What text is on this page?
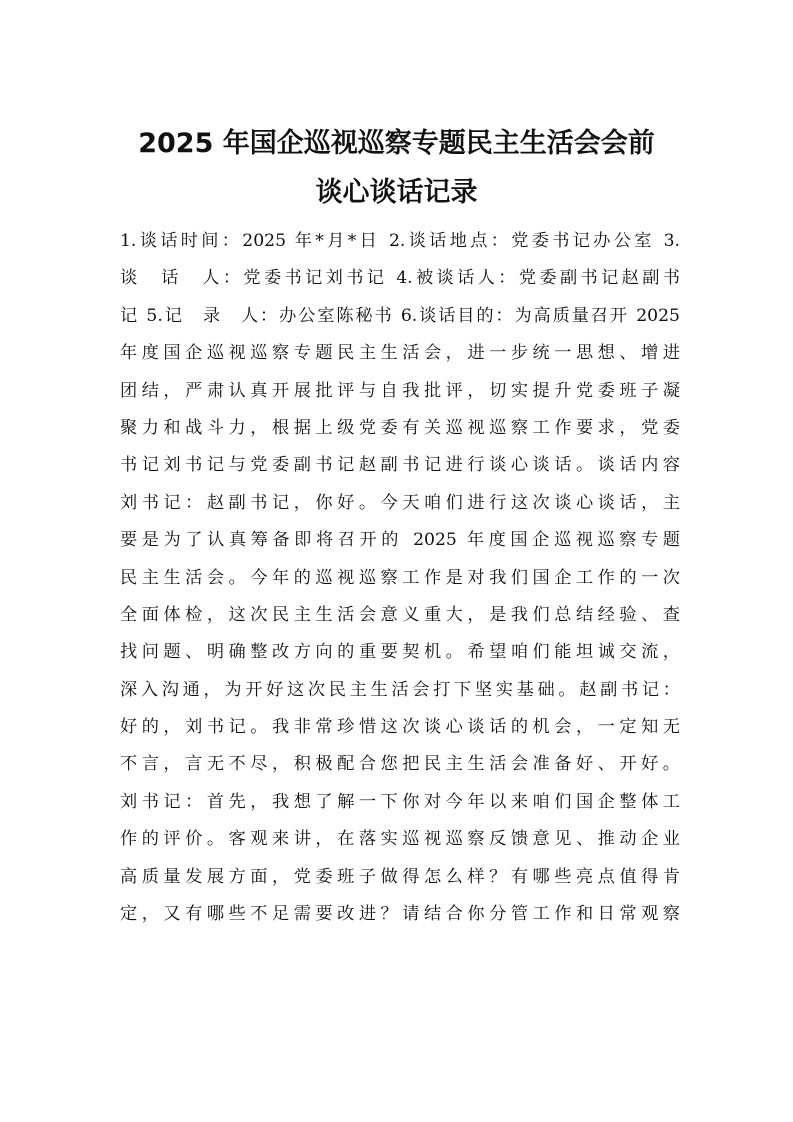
2025 年国企巡视巡察专题民主生活会会前
谈心谈话记录
1.谈话时间：2025 年*月*日 2.谈话地点：党委书记办公室 3.
谈　话　人：党委书记刘书记 4.被谈话人：党委副书记赵副书
记 5.记　录　人：办公室陈秘书 6.谈话目的：为高质量召开 2025
年度国企巡视巡察专题民主生活会，进一步统一思想、增进
团结，严肃认真开展批评与自我批评，切实提升党委班子凝
聚力和战斗力，根据上级党委有关巡视巡察工作要求，党委
书记刘书记与党委副书记赵副书记进行谈心谈话。谈话内容
刘书记：赵副书记，你好。今天咱们进行这次谈心谈话，主
要是为了认真筹备即将召开的 2025 年度国企巡视巡察专题
民主生活会。今年的巡视巡察工作是对我们国企工作的一次
全面体检，这次民主生活会意义重大，是我们总结经验、查
找问题、明确整改方向的重要契机。希望咱们能坦诚交流，
深入沟通，为开好这次民主生活会打下坚实基础。赵副书记：
好的，刘书记。我非常珍惜这次谈心谈话的机会，一定知无
不言，言无不尽，积极配合您把民主生活会准备好、开好。
刘书记：首先，我想了解一下你对今年以来咱们国企整体工
作的评价。客观来讲，在落实巡视巡察反馈意见、推动企业
高质量发展方面，党委班子做得怎么样？有哪些亮点值得肯
定，又有哪些不足需要改进？请结合你分管工作和日常观察
